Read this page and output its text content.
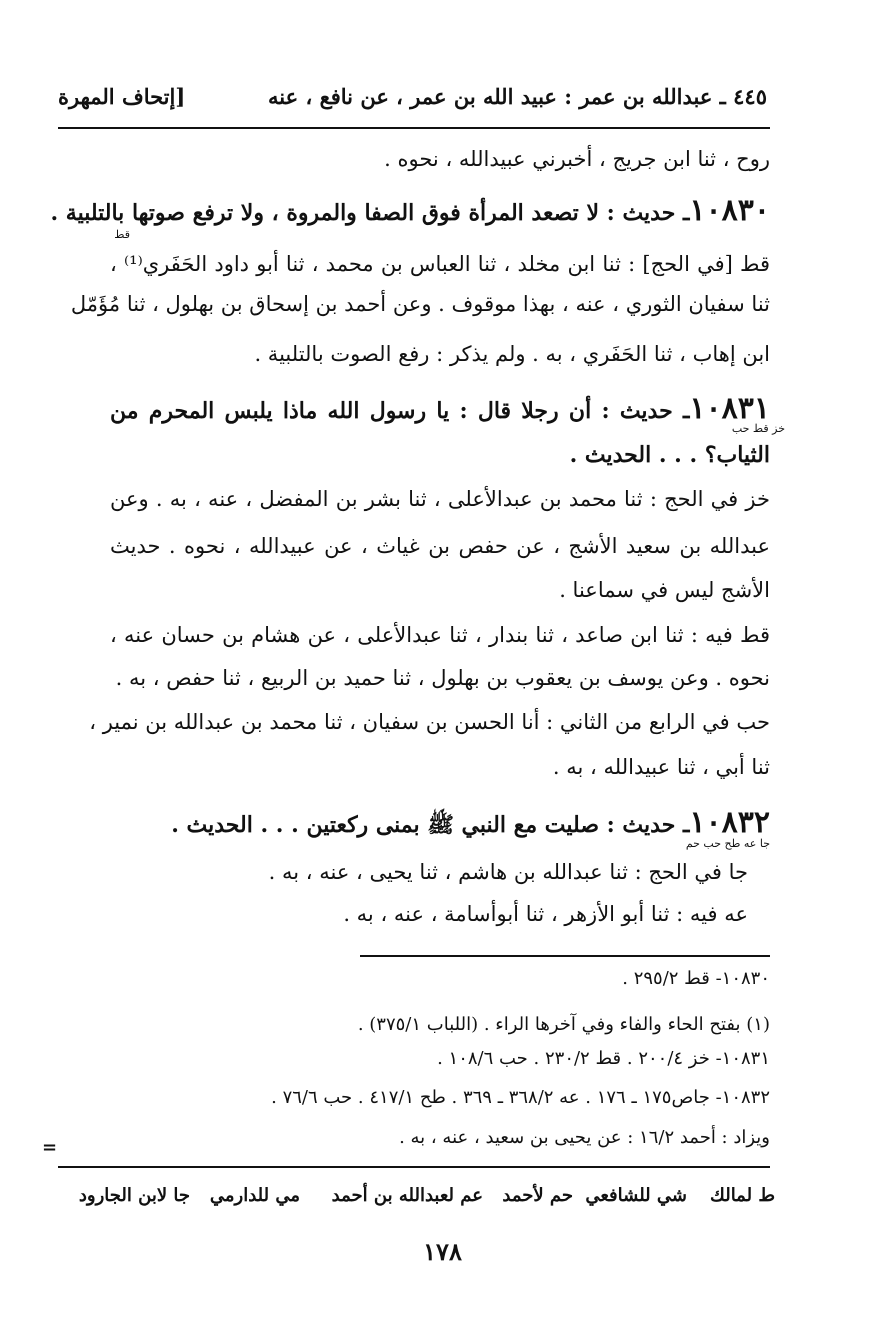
٤٤٥ ـ عبدالله بن عمر : عبيد الله بن عمر ، عن نافع ، عنه
[إتحاف المهرة
روح ، ثنا ابن جريج ، أخبرني عبيدالله ، نحوه .
١٠٨٣٠ـ حديث : لا تصعد المرأة فوق الصفا والمروة ، ولا ترفع صوتها بالتلبية .
قط
قط [في الحج] : ثنا ابن مخلد ، ثنا العباس بن محمد ، ثنا أبو داود الحَفَري⁽¹⁾ ،
ثنا سفيان الثوري ، عنه ، بهذا موقوف . وعن أحمد بن إسحاق بن بهلول ، ثنا مُؤَمّل
ابن إهاب ، ثنا الحَفَري ، به . ولم يذكر : رفع الصوت بالتلبية .
١٠٨٣١ـ حديث : أن رجلا قال : يا رسول الله ماذا يلبس المحرم من
خز قط حب
الثياب؟ . . . الحديث .
خز في الحج : ثنا محمد بن عبدالأعلى ، ثنا بشر بن المفضل ، عنه ، به . وعن
عبدالله بن سعيد الأشج ، عن حفص بن غياث ، عن عبيدالله ، نحوه . حديث
الأشج ليس في سماعنا .
قط فيه : ثنا ابن صاعد ، ثنا بندار ، ثنا عبدالأعلى ، عن هشام بن حسان عنه ،
نحوه . وعن يوسف بن يعقوب بن بهلول ، ثنا حميد بن الربيع ، ثنا حفص ، به .
حب في الرابع من الثاني : أنا الحسن بن سفيان ، ثنا محمد بن عبدالله بن نمير ،
ثنا أبي ، ثنا عبيدالله ، به .
١٠٨٣٢ـ حديث : صليت مع النبي ﷺ بمنى ركعتين . . . الحديث .
جا عه طح حب حم
جا في الحج : ثنا عبدالله بن هاشم ، ثنا يحيى ، عنه ، به .
عه فيه : ثنا أبو الأزهر ، ثنا أبوأسامة ، عنه ، به .
١٠٨٣٠- قط ٢٩٥/٢ .
(١) بفتح الحاء والفاء وفي آخرها الراء . (اللباب ٣٧٥/١) .
١٠٨٣١- خز ٢٠٠/٤ . قط ٢٣٠/٢ . حب ١٠٨/٦ .
١٠٨٣٢- جاص١٧٥ ـ ١٧٦ . عه ٣٦٨/٢ ـ ٣٦٩ . طح ٤١٧/١ . حب ٧٦/٦ .
ويزاد : أحمد ١٦/٢ : عن يحيى بن سعيد ، عنه ، به .
=
ط لمالك
شي للشافعي
حم لأحمد
عم لعبدالله بن أحمد
مي للدارمي
جا لابن الجارود
١٧٨
